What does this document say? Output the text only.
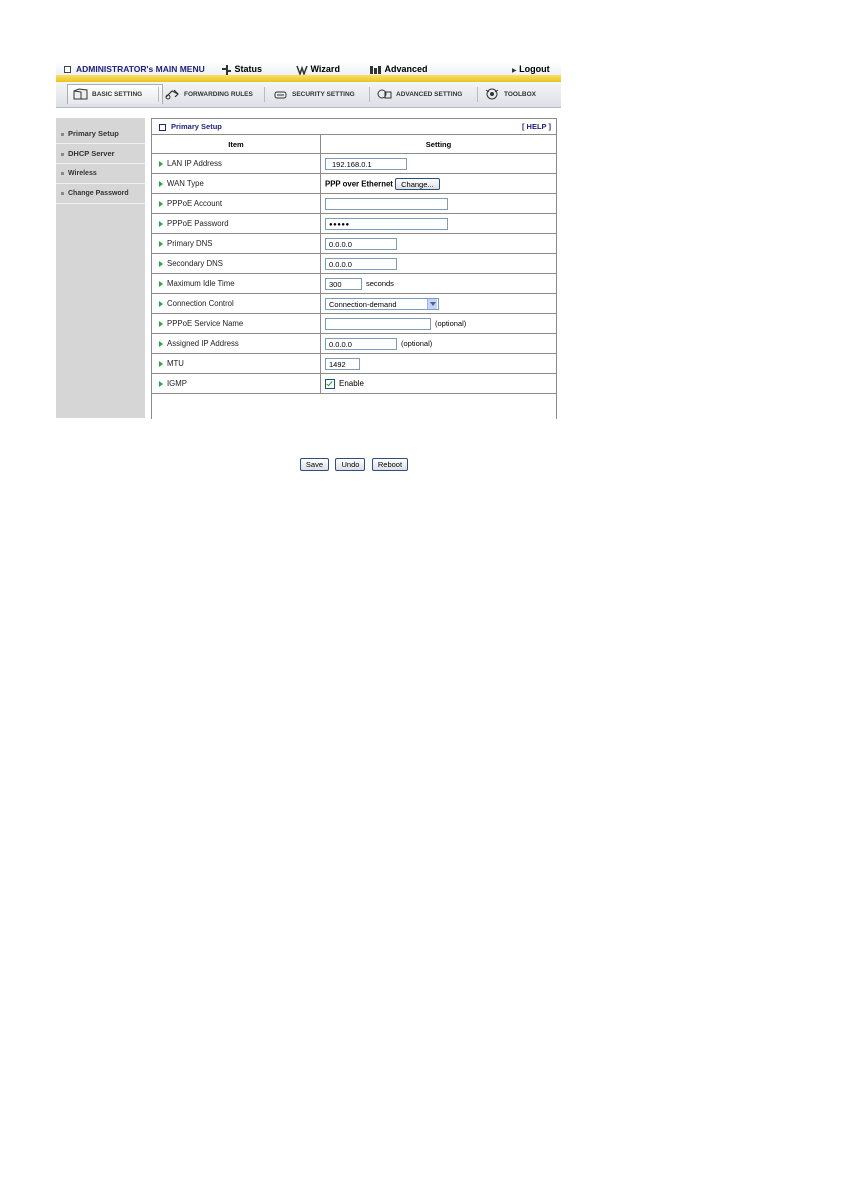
ADMINISTRATOR's MAIN MENU	Status	Wizard	Advanced	▶ Logout
BASIC SETTING	FORWARDING RULES	SECURITY SETTING	ADVANCED SETTING	TOOLBOX
Primary Setup
DHCP Server
Wireless
Change Password
Primary Setup	[ HELP ]
Item	Setting
LAN IP Address	192.168.0.1
WAN Type	PPP over Ethernet Change...
PPPoE Account	
PPPoE Password	●●●●●
Primary DNS	0.0.0.0
Secondary DNS	0.0.0.0
Maximum Idle Time	300 seconds
Connection Control	Connection-demand

PPPoE Service Name	(optional)
Assigned IP Address	0.0.0.0 (optional)
MTU	1492
IGMP	Enable
Save Undo Reboot
